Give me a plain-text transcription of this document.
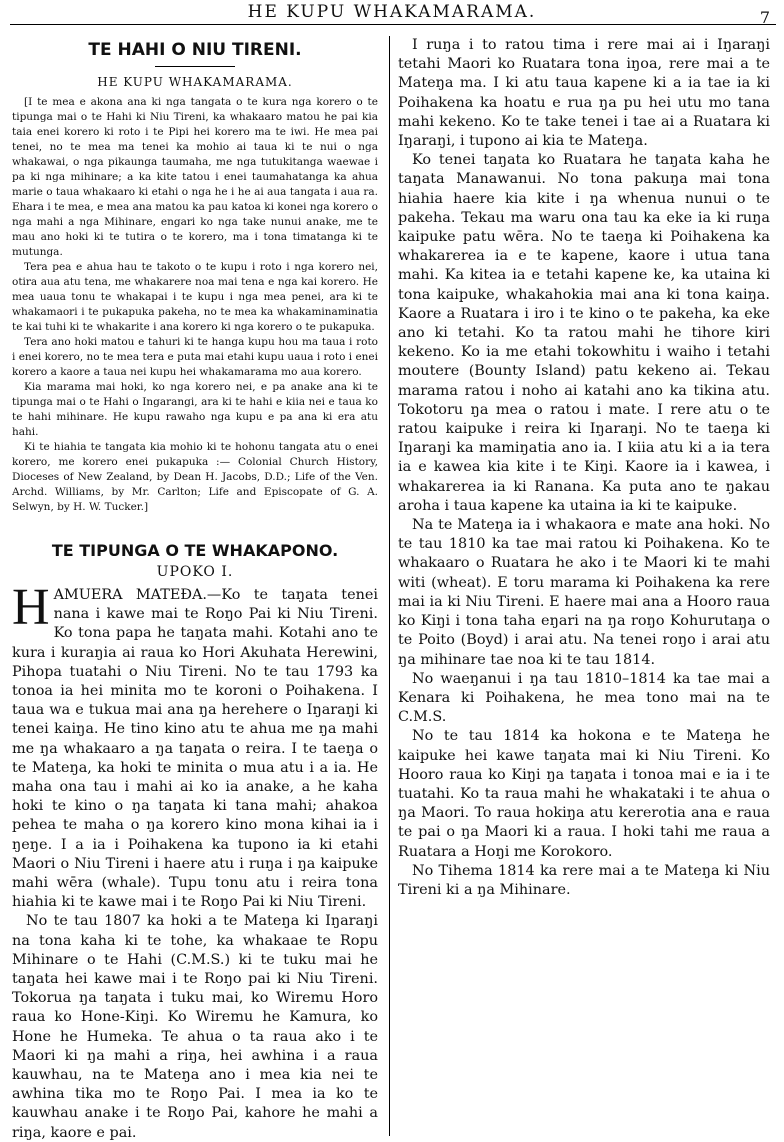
HE KUPU WHAKAMARAMA.	7
TE HAHI O NIU TIRENI.
HE KUPU WHAKAMARAMA.

[I te mea e akona ana ki nga tangata o te kura nga korero o te tipunga mai o te Hahi ki Niu Tireni, ka whakaaro matou he pai kia taia enei korero ki roto i te Pipi hei korero ma te iwi. He mea pai tenei, no te mea ma tenei ka mohio ai taua ki te nui o nga whakawai, o nga pikaunga taumaha, me nga tutukitanga waewae i pa ki nga mihinare; a ka kite tatou i enei taumahatanga ka ahua marie o taua whakaaro ki etahi o nga he i he ai aua tangata i aua ra. Ehara i te mea, e mea ana matou ka pau katoa ki konei nga korero o nga mahi a nga Mihinare, engari ko nga take nunui anake, me te mau ano hoki ki te tutira o te korero, ma i tona timatanga ki te mutunga.

Tera pea e ahua hau te takoto o te kupu i roto i nga korero nei, otira aua atu tena, me whakarere noa mai tena e nga kai korero. He mea uaua tonu te whakapai i te kupu i nga mea penei, ara ki te whakamaori i te pukapuka pakeha, no te mea ka whakaminaminatia te kai tuhi ki te whakarite i ana korero ki nga korero o te pukapuka.

Tera ano hoki matou e tahuri ki te hanga kupu hou ma taua i roto i enei korero, no te mea tera e puta mai etahi kupu uaua i roto i enei korero a kaore a taua nei kupu hei whakamarama mo aua korero.

Kia marama mai hoki, ko nga korero nei, e pa anake ana ki te tipunga mai o te Hahi o Ingarangi, ara ki te hahi e kiia nei e taua ko te hahi mihinare. He kupu rawaho nga kupu e pa ana ki era atu hahi.

Ki te hiahia te tangata kia mohio ki te hohonu tangata atu o enei korero, me korero enei pukapuka :— Colonial Church History, Dioceses of New Zealand, by Dean H. Jacobs, D.D.; Life of the Ven. Archd. Williams, by Mr. Carlton; Life and Episcopate of G. A. Selwyn, by H. W. Tucker.]

TE TIPUNGA O TE WHAKAPONO.
UPOKO I.

HAMUERA MATEƉA.—Ko te taŋata tenei nana i kawe mai te Roŋo Pai ki Niu Tireni. Ko tona papa he taŋata mahi. Kotahi ano te kura i kuraŋia ai raua ko Hori Akuhata Herewini, Pihopa tuatahi o Niu Tireni. No te tau 1793 ka tonoa ia hei minita mo te koroni o Poihakena. I taua wa e tukua mai ana ŋa herehere o Iŋaraŋi ki tenei kaiŋa. He tino kino atu te ahua me ŋa mahi me ŋa whakaaro a ŋa taŋata o reira. I te taeŋa o te Mateŋa, ka hoki te minita o mua atu i a ia. He maha ona tau i mahi ai ko ia anake, a he kaha hoki te kino o ŋa taŋata ki tana mahi; ahakoa pehea te maha o ŋa korero kino mona kihai ia i ŋeŋe. I a ia i Poihakena ka tupono ia ki etahi Maori o Niu Tireni i haere atu i ruŋa i ŋa kaipuke mahi wēra (whale). Tupu tonu atu i reira tona hiahia ki te kawe mai i te Roŋo Pai ki Niu Tireni.

No te tau 1807 ka hoki a te Mateŋa ki Iŋaraŋi na tona kaha ki te tohe, ka whakaae te Ropu Mihinare o te Hahi (C.M.S.) ki te tuku mai he taŋata hei kawe mai i te Roŋo pai ki Niu Tireni. Tokorua ŋa taŋata i tuku mai, ko Wiremu Horo raua ko Hone-Kiŋi. Ko Wiremu he Kamura, ko Hone he Humeka. Te ahua o ta raua ako i te Maori ki ŋa mahi a riŋa, hei awhina i a raua kauwhau, na te Mateŋa ano i mea kia nei te awhina tika mo te Roŋo Pai. I mea ia ko te kauwhau anake i te Roŋo Pai, kahore he mahi a riŋa, kaore e pai.

I ruŋa i to ratou tima i rere mai ai i Iŋaraŋi tetahi Maori ko Ruatara tona iŋoa, rere mai a te Mateŋa ma. I ki atu taua kapene ki a ia tae ia ki Poihakena ka hoatu e rua ŋa pu hei utu mo tana mahi kekeno. Ko te take tenei i tae ai a Ruatara ki Iŋaraŋi, i tupono ai kia te Mateŋa.

Ko tenei taŋata ko Ruatara he taŋata kaha he taŋata Manawanui. No tona pakuŋa mai tona hiahia haere kia kite i ŋa whenua nunui o te pakeha. Tekau ma waru ona tau ka eke ia ki ruŋa kaipuke patu wēra. No te taeŋa ki Poihakena ka whakarerea ia e te kapene, kaore i utua tana mahi. Ka kitea ia e tetahi kapene ke, ka utaina ki tona kaipuke, whakahokia mai ana ki tona kaiŋa. Kaore a Ruatara i iro i te kino o te pakeha, ka eke ano ki tetahi. Ko ta ratou mahi he tihore kiri kekeno. Ko ia me etahi tokowhitu i waiho i tetahi moutere (Bounty Island) patu kekeno ai. Tekau marama ratou i noho ai katahi ano ka tikina atu. Tokotoru ŋa mea o ratou i mate. I rere atu o te ratou kaipuke i reira ki Iŋaraŋi. No te taeŋa ki Iŋaraŋi ka mamiŋatia ano ia. I kiia atu ki a ia tera ia e kawea kia kite i te Kiŋi. Kaore ia i kawea, i whakarerea ia ki Ranana. Ka puta ano te ŋakau aroha i taua kapene ka utaina ia ki te kaipuke.

Na te Mateŋa ia i whakaora e mate ana hoki. No te tau 1810 ka tae mai ratou ki Poihakena. Ko te whakaaro o Ruatara he ako i te Maori ki te mahi witi (wheat). E toru marama ki Poihakena ka rere mai ia ki Niu Tireni. E haere mai ana a Hooro raua ko Kiŋi i tona taha eŋari na ŋa roŋo Kohurutaŋa o te Poito (Boyd) i arai atu. Na tenei roŋo i arai atu ŋa mihinare tae noa ki te tau 1814.

No waeŋanui i ŋa tau 1810–1814 ka tae mai a Kenara ki Poihakena, he mea tono mai na te C.M.S.

No te tau 1814 ka hokona e te Mateŋa he kaipuke hei kawe taŋata mai ki Niu Tireni. Ko Hooro raua ko Kiŋi ŋa taŋata i tonoa mai e ia i te tuatahi. Ko ta raua mahi he whakataki i te ahua o ŋa Maori. To raua hokiŋa atu kererotia ana e raua te pai o ŋa Maori ki a raua. I hoki tahi me raua a Ruatara a Hoŋi me Korokoro.

No Tihema 1814 ka rere mai a te Mateŋa ki Niu Tireni ki a ŋa Mihinare.
